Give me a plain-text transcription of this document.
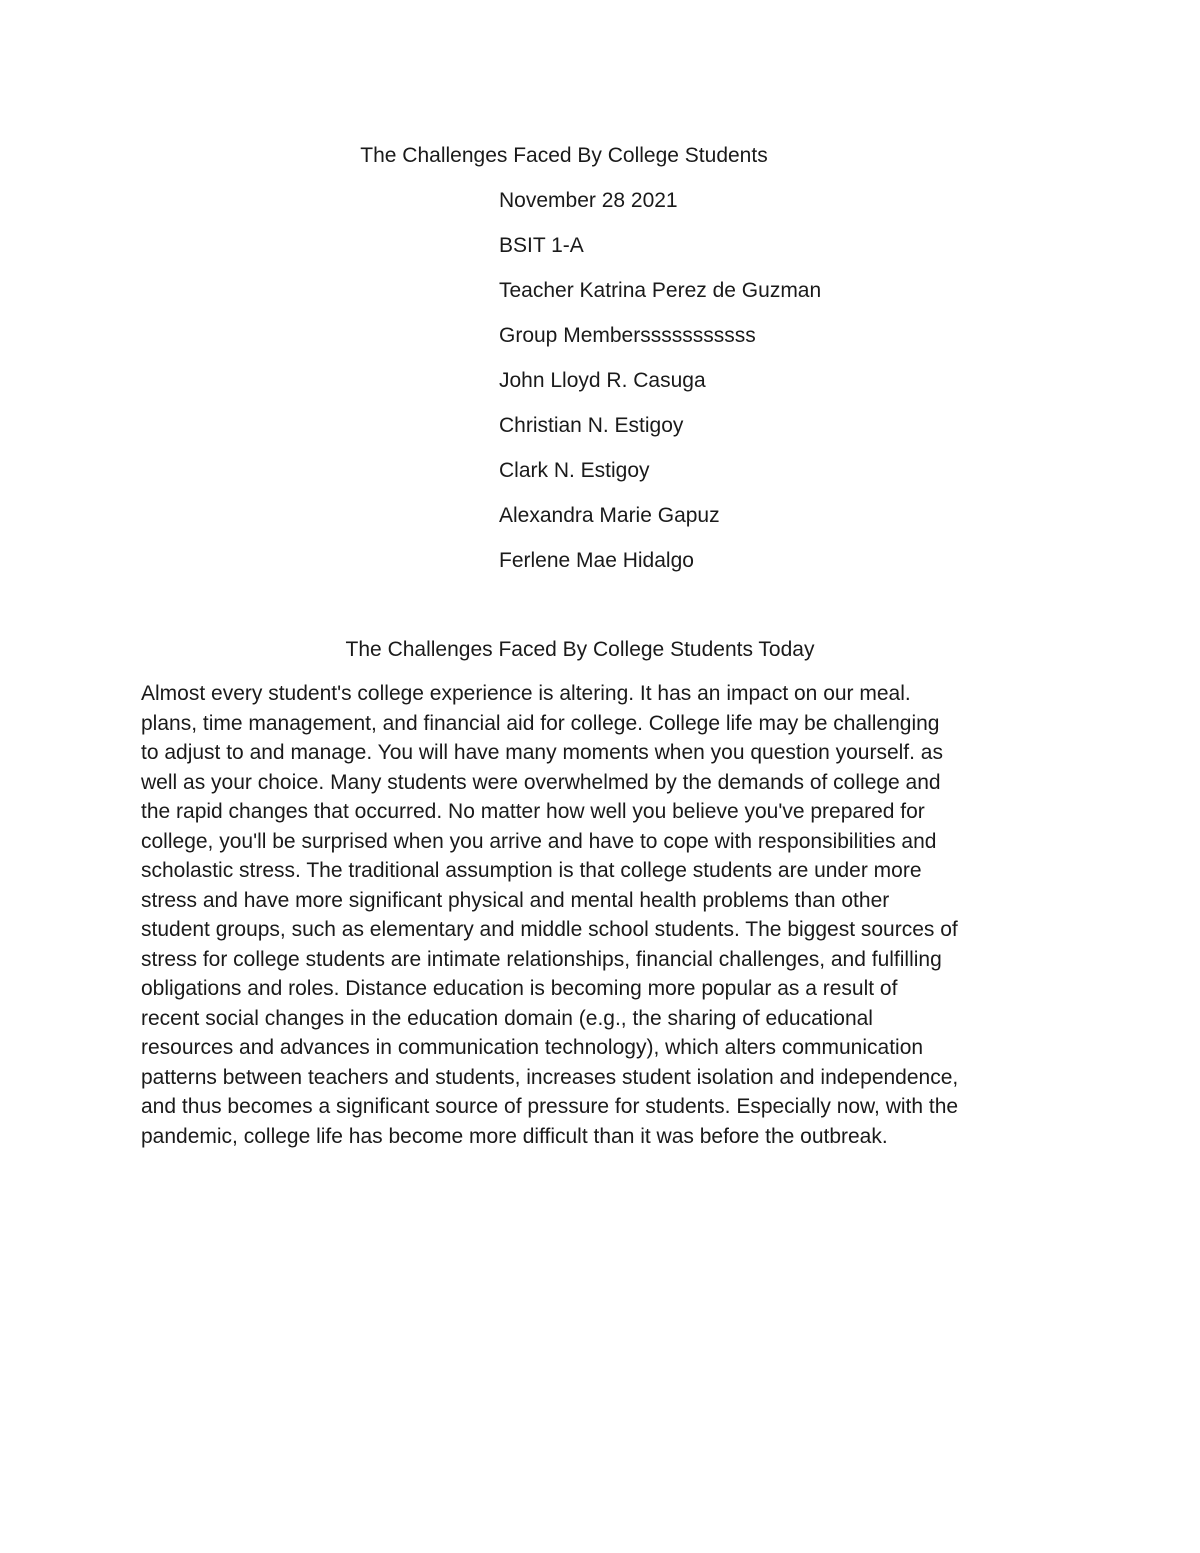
The Challenges Faced By College Students
November 28 2021
BSIT 1-A
Teacher Katrina Perez de Guzman
Group Membersssssssssss
John Lloyd R. Casuga
Christian N. Estigoy
Clark N. Estigoy
Alexandra Marie Gapuz
Ferlene Mae Hidalgo
The Challenges Faced By College Students Today

Almost every student's college experience is altering. It has an impact on our meal.
plans, time management, and financial aid for college. College life may be challenging
to adjust to and manage. You will have many moments when you question yourself. as
well as your choice. Many students were overwhelmed by the demands of college and
the rapid changes that occurred. No matter how well you believe you've prepared for
college, you'll be surprised when you arrive and have to cope with responsibilities and
scholastic stress. The traditional assumption is that college students are under more
stress and have more significant physical and mental health problems than other
student groups, such as elementary and middle school students. The biggest sources of
stress for college students are intimate relationships, financial challenges, and fulfilling
obligations and roles. Distance education is becoming more popular as a result of
recent social changes in the education domain (e.g., the sharing of educational
resources and advances in communication technology), which alters communication
patterns between teachers and students, increases student isolation and independence,
and thus becomes a significant source of pressure for students. Especially now, with the
pandemic, college life has become more difficult than it was before the outbreak.
